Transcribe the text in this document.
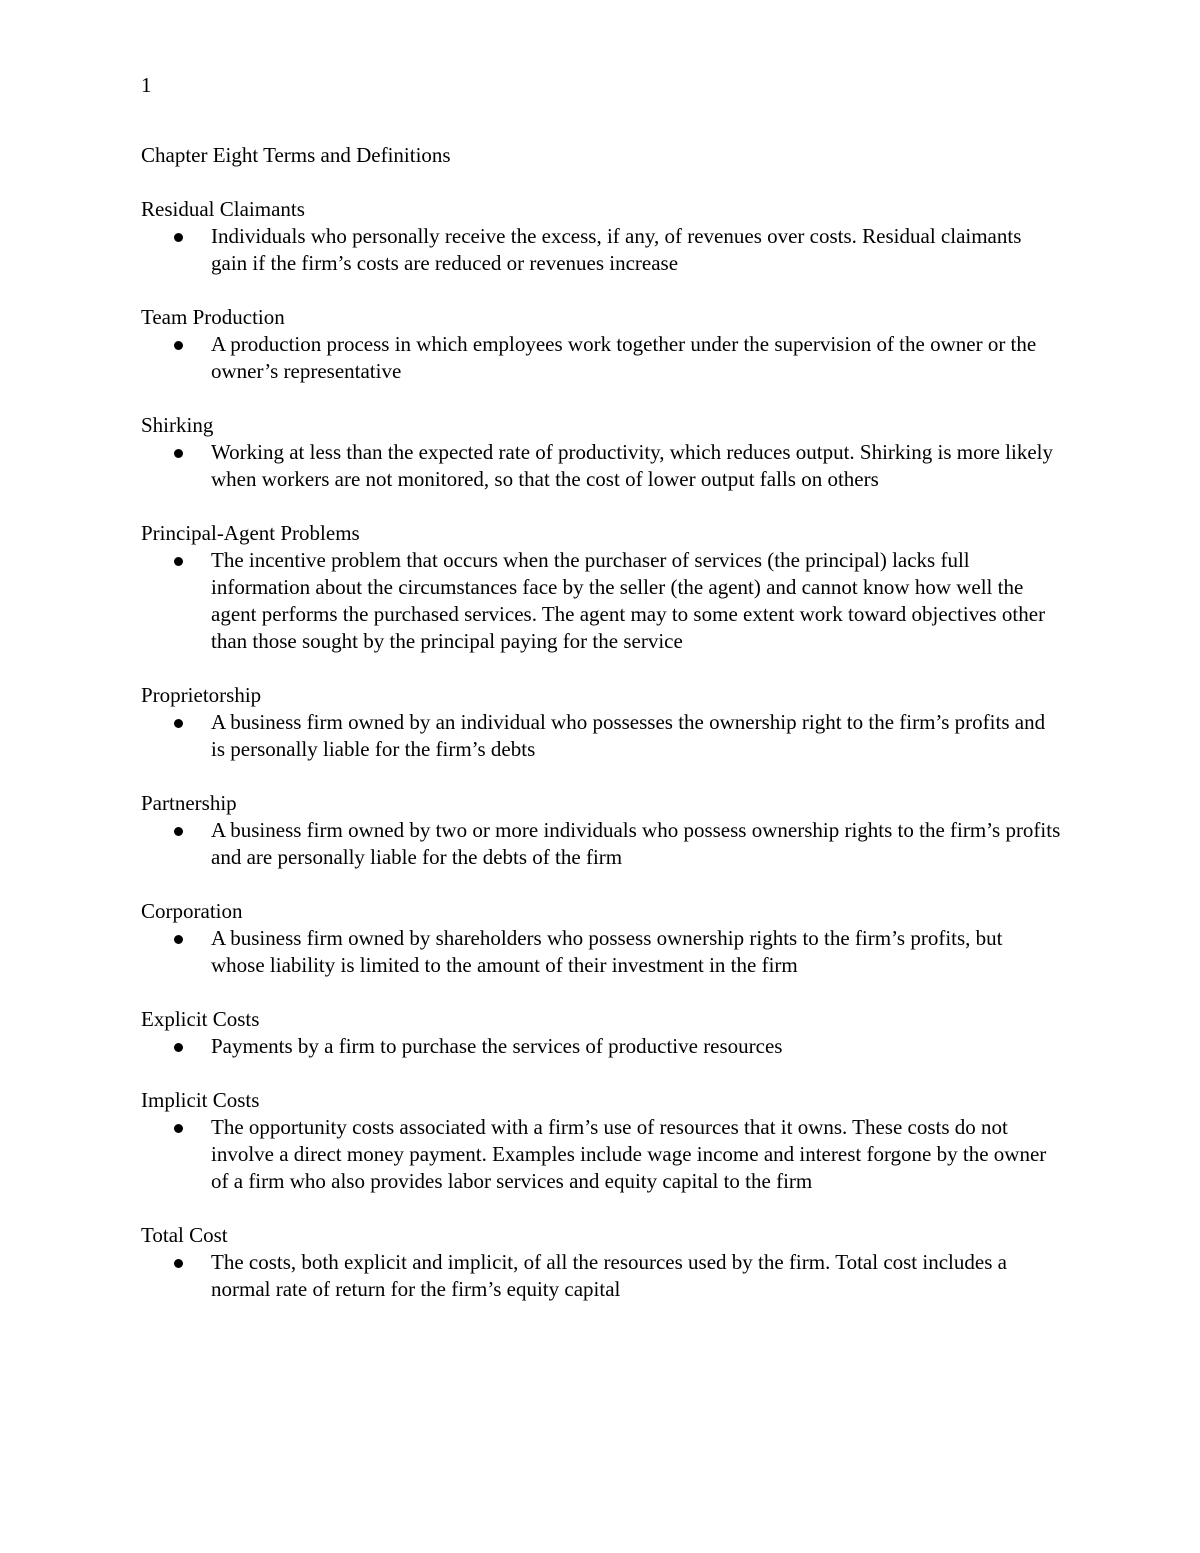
1
Chapter Eight Terms and Definitions
Residual Claimants
Individuals who personally receive the excess, if any, of revenues over costs. Residual claimants gain if the firm’s costs are reduced or revenues increase
Team Production
A production process in which employees work together under the supervision of the owner or the owner’s representative
Shirking
Working at less than the expected rate of productivity, which reduces output. Shirking is more likely when workers are not monitored, so that the cost of lower output falls on others
Principal-Agent Problems
The incentive problem that occurs when the purchaser of services (the principal) lacks full information about the circumstances face by the seller (the agent) and cannot know how well the agent performs the purchased services. The agent may to some extent work toward objectives other than those sought by the principal paying for the service
Proprietorship
A business firm owned by an individual who possesses the ownership right to the firm’s profits and is personally liable for the firm’s debts
Partnership
A business firm owned by two or more individuals who possess ownership rights to the firm’s profits and are personally liable for the debts of the firm
Corporation
A business firm owned by shareholders who possess ownership rights to the firm’s profits, but whose liability is limited to the amount of their investment in the firm
Explicit Costs
Payments by a firm to purchase the services of productive resources
Implicit Costs
The opportunity costs associated with a firm’s use of resources that it owns. These costs do not involve a direct money payment. Examples include wage income and interest forgone by the owner of a firm who also provides labor services and equity capital to the firm
Total Cost
The costs, both explicit and implicit, of all the resources used by the firm. Total cost includes a normal rate of return for the firm’s equity capital
